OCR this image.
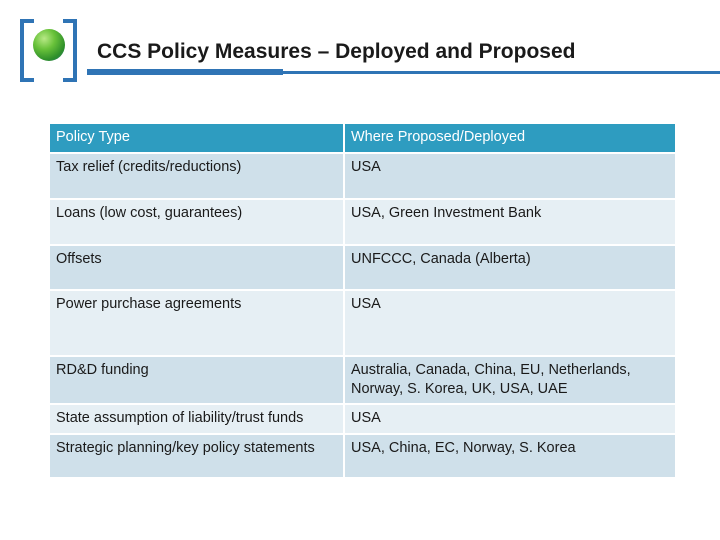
CCS Policy Measures – Deployed and Proposed
Policy Type	Where Proposed/Deployed
Tax relief (credits/reductions)	USA
Loans (low cost, guarantees)	USA, Green Investment Bank
Offsets	UNFCCC, Canada (Alberta)
Power purchase agreements	USA
RD&D funding	Australia, Canada, China, EU, Netherlands, Norway, S. Korea, UK, USA, UAE
State assumption of liability/trust funds	USA
Strategic planning/key policy statements	USA, China, EC, Norway, S. Korea
